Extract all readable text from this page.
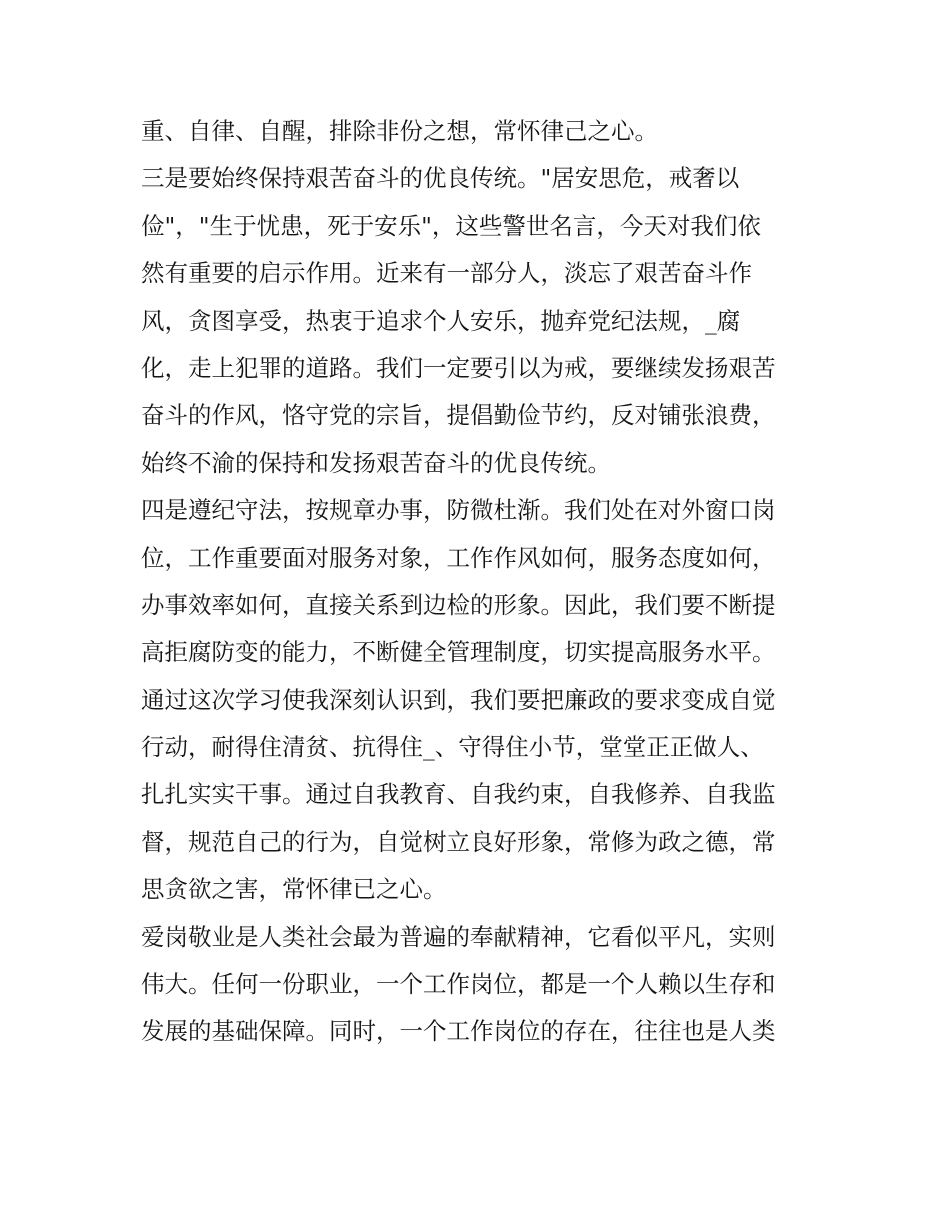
重、自律、自醒，排除非份之想，常怀律己之心。
三是要始终保持艰苦奋斗的优良传统。"居安思危，戒奢以
俭"，"生于忧患，死于安乐"，这些警世名言，今天对我们依
然有重要的启示作用。近来有一部分人，淡忘了艰苦奋斗作
风，贪图享受，热衷于追求个人安乐，抛弃党纪法规，_腐
化，走上犯罪的道路。我们一定要引以为戒，要继续发扬艰苦
奋斗的作风，恪守党的宗旨，提倡勤俭节约，反对铺张浪费，
始终不渝的保持和发扬艰苦奋斗的优良传统。
四是遵纪守法，按规章办事，防微杜渐。我们处在对外窗口岗
位，工作重要面对服务对象，工作作风如何，服务态度如何，
办事效率如何，直接关系到边检的形象。因此，我们要不断提
高拒腐防变的能力，不断健全管理制度，切实提高服务水平。
通过这次学习使我深刻认识到，我们要把廉政的要求变成自觉
行动，耐得住清贫、抗得住_、守得住小节，堂堂正正做人、
扎扎实实干事。通过自我教育、自我约束，自我修养、自我监
督，规范自己的行为，自觉树立良好形象，常修为政之德，常
思贪欲之害，常怀律已之心。
爱岗敬业是人类社会最为普遍的奉献精神，它看似平凡，实则
伟大。任何一份职业，一个工作岗位，都是一个人赖以生存和
发展的基础保障。同时，一个工作岗位的存在，往往也是人类
